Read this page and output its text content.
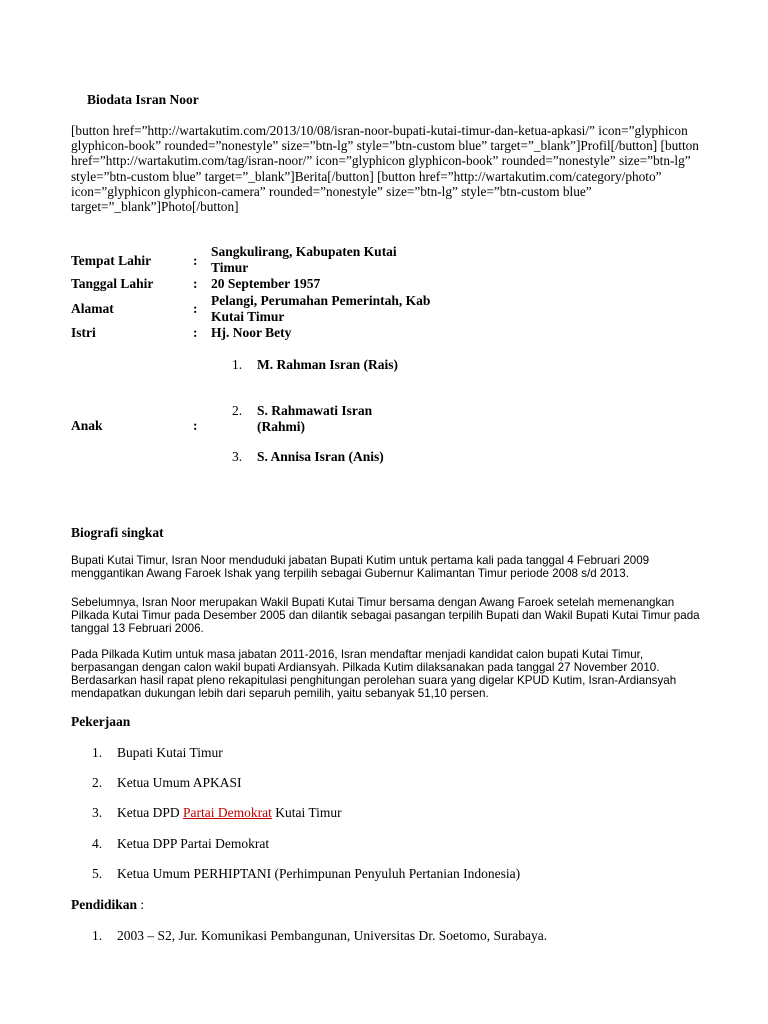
Biodata Isran Noor
[button href=”http://wartakutim.com/2013/10/08/isran-noor-bupati-kutai-timur-dan-ketua-apkasi/” icon=”glyphicon glyphicon-book” rounded=”nonestyle” size=”btn-lg” style=”btn-custom blue” target=”_blank”]Profil[/button] [button href=”http://wartakutim.com/tag/isran-noor/” icon=”glyphicon glyphicon-book” rounded=”nonestyle” size=”btn-lg” style=”btn-custom blue” target=”_blank”]Berita[/button] [button href=”http://wartakutim.com/category/photo” icon=”glyphicon glyphicon-camera” rounded=”nonestyle” size=”btn-lg” style=”btn-custom blue” target=”_blank”]Photo[/button]
Tempat Lahir	:
Sangkulirang, Kabupaten Kutai Timur
Tanggal Lahir	: 20 September 1957
Alamat	:
Pelangi, Perumahan Pemerintah, Kab Kutai Timur
Istri	: Hj. Noor Bety
Anak	:
1. M. Rahman Isran (Rais)
2. S. Rahmawati Isran (Rahmi)
3. S. Annisa Isran (Anis)
Biografi singkat
Bupati Kutai Timur, Isran Noor menduduki jabatan Bupati Kutim untuk pertama kali pada tanggal 4 Februari 2009 menggantikan Awang Faroek Ishak yang terpilih sebagai Gubernur Kalimantan Timur periode 2008 s/d 2013.
Sebelumnya, Isran Noor merupakan Wakil Bupati Kutai Timur bersama dengan Awang Faroek setelah memenangkan Pilkada Kutai Timur pada Desember 2005 dan dilantik sebagai pasangan terpilih Bupati dan Wakil Bupati Kutai Timur pada tanggal 13 Februari 2006.
Pada Pilkada Kutim untuk masa jabatan 2011-2016, Isran mendaftar menjadi kandidat calon bupati Kutai Timur, berpasangan dengan calon wakil bupati Ardiansyah. Pilkada Kutim dilaksanakan pada tanggal 27 November 2010. Berdasarkan hasil rapat pleno rekapitulasi penghitungan perolehan suara yang digelar KPUD Kutim, Isran-Ardiansyah mendapatkan dukungan lebih dari separuh pemilih, yaitu sebanyak 51,10 persen.
Pekerjaan
1. Bupati Kutai Timur
2. Ketua Umum APKASI
3. Ketua DPD Partai Demokrat Kutai Timur
4. Ketua DPP Partai Demokrat
5. Ketua Umum PERHIPTANI (Perhimpunan Penyuluh Pertanian Indonesia)
Pendidikan :
1. 2003 – S2, Jur. Komunikasi Pembangunan, Universitas Dr. Soetomo, Surabaya.
